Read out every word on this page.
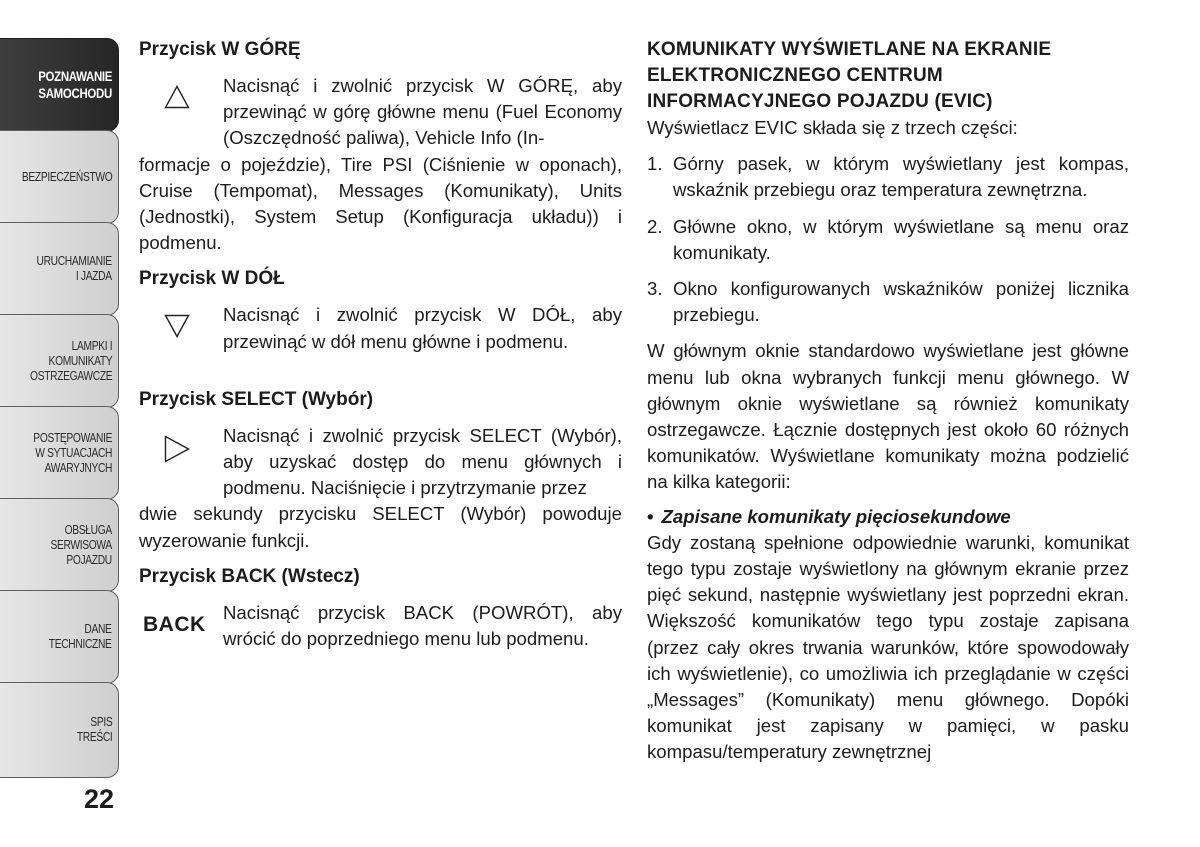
POZNAWANIE
SAMOCHODU
BEZPIECZEŃSTWO
URUCHAMIANIE
I JAZDA
LAMPKI I
KOMUNIKATY
OSTRZEGAWCZE
POSTĘPOWANIE
W SYTUACJACH
AWARYJNYCH
OBSŁUGA
SERWISOWA
POJAZDU
DANE
TECHNICZNE
SPIS
TREŚCI
22
Przycisk W GÓRĘ

Nacisnąć i zwolnić przycisk W GÓRĘ, aby przewinąć w górę główne menu (Fuel Economy (Oszczędność paliwa), Vehicle Info (In-

formacje o pojeździe), Tire PSI (Ciśnienie w oponach), Cruise (Tempomat), Messages (Komunikaty), Units (Jednostki), System Setup (Konfiguracja układu)) i podmenu.

Przycisk W DÓŁ

Nacisnąć i zwolnić przycisk W DÓŁ, aby przewinąć w dół menu główne i podmenu.

Przycisk SELECT (Wybór)

Nacisnąć i zwolnić przycisk SELECT (Wybór), aby uzyskać dostęp do menu głównych i podmenu. Naciśnięcie i przytrzymanie przez

dwie sekundy przycisku SELECT (Wybór) powoduje wyzerowanie funkcji.

Przycisk BACK (Wstecz)
BACK

Nacisnąć przycisk BACK (POWRÓT), aby wrócić do poprzedniego menu lub podmenu.

KOMUNIKATY WYŚWIETLANE NA EKRANIE ELEKTRONICZNEGO CENTRUM INFORMACYJNEGO POJAZDU (EVIC)

Wyświetlacz EVIC składa się z trzech części:

1. Górny pasek, w którym wyświetlany jest kompas, wskaźnik przebiegu oraz temperatura zewnętrzna.
2. Główne okno, w którym wyświetlane są menu oraz komunikaty.
3. Okno konfigurowanych wskaźników poniżej licznika przebiegu.

W głównym oknie standardowo wyświetlane jest główne menu lub okna wybranych funkcji menu głównego. W głównym oknie wyświetlane są również komunikaty ostrzegawcze. Łącznie dostępnych jest około 60 różnych komunikatów. Wyświetlane komunikaty można podzielić na kilka kategorii:

• Zapisane komunikaty pięciosekundowe

Gdy zostaną spełnione odpowiednie warunki, komunikat tego typu zostaje wyświetlony na głównym ekranie przez pięć sekund, następnie wyświetlany jest poprzedni ekran. Większość komunikatów tego typu zostaje zapisana (przez cały okres trwania warunków, które spowodowały ich wyświetlenie), co umożliwia ich przeglądanie w części „Messages” (Komunikaty) menu głównego. Dopóki komunikat jest zapisany w pamięci, w pasku kompasu/temperatury zewnętrznej
